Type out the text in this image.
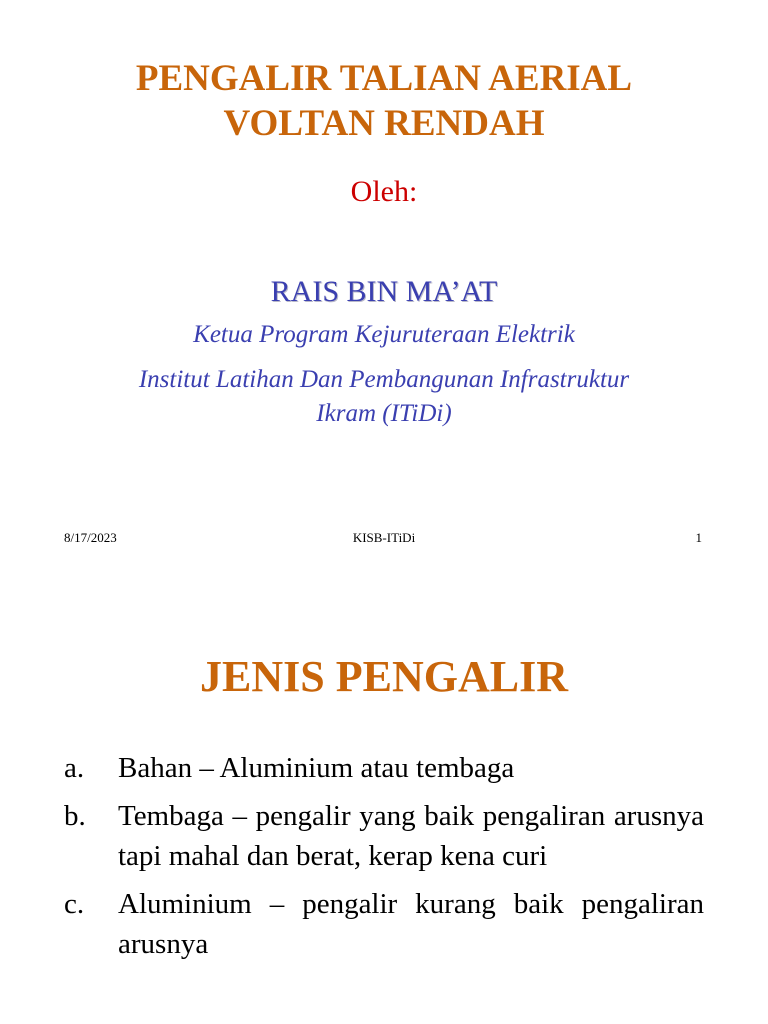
PENGALIR TALIAN AERIAL
VOLTAN RENDAH
Oleh:
RAIS BIN MA’AT
Ketua Program Kejuruteraan Elektrik
Institut Latihan Dan Pembangunan Infrastruktur
Ikram (ITiDi)
8/17/2023	KISB-ITiDi	1
JENIS PENGALIR
a. Bahan – Aluminium atau tembaga
b. Tembaga – pengalir yang baik pengaliran arusnya tapi mahal dan berat, kerap kena curi
c. Aluminium – pengalir kurang baik pengaliran arusnya
